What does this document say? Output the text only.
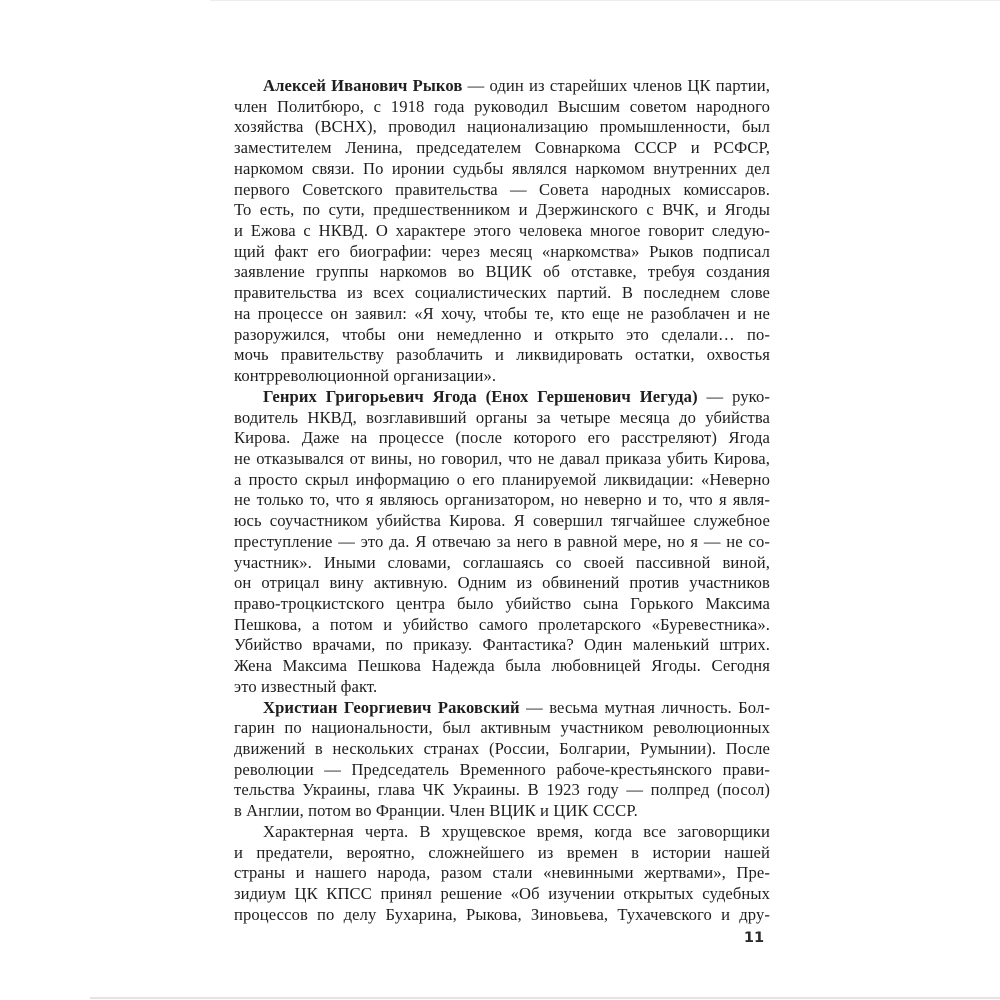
Алексей Иванович Рыков — один из старейших членов ЦК партии,
член Политбюро, с 1918 года руководил Высшим советом народного
хозяйства (ВСНХ), проводил национализацию промышленности, был
заместителем Ленина, председателем Совнаркома СССР и РСФСР,
наркомом связи. По иронии судьбы являлся наркомом внутренних дел
первого Советского правительства — Совета народных комиссаров.
То есть, по сути, предшественником и Дзержинского с ВЧК, и Ягоды
и Ежова с НКВД. О характере этого человека многое говорит следую-
щий факт его биографии: через месяц «наркомства» Рыков подписал
заявление группы наркомов во ВЦИК об отставке, требуя создания
правительства из всех социалистических партий. В последнем слове
на процессе он заявил: «Я хочу, чтобы те, кто еще не разоблачен и не
разоружился, чтобы они немедленно и открыто это сделали… по-
мочь правительству разоблачить и ликвидировать остатки, охвостья
контрреволюционной организации».
Генрих Григорьевич Ягода (Енох Гершенович Иегуда) — руко-
водитель НКВД, возглавивший органы за четыре месяца до убийства
Кирова. Даже на процессе (после которого его расстреляют) Ягода
не отказывался от вины, но говорил, что не давал приказа убить Кирова,
а просто скрыл информацию о его планируемой ликвидации: «Неверно
не только то, что я являюсь организатором, но неверно и то, что я явля-
юсь соучастником убийства Кирова. Я совершил тягчайшее служебное
преступление — это да. Я отвечаю за него в равной мере, но я — не со-
участник». Иными словами, соглашаясь со своей пассивной виной,
он отрицал вину активную. Одним из обвинений против участников
право-троцкистского центра было убийство сына Горького Максима
Пешкова, а потом и убийство самого пролетарского «Буревестника».
Убийство врачами, по приказу. Фантастика? Один маленький штрих.
Жена Максима Пешкова Надежда была любовницей Ягоды. Сегодня
это известный факт.
Христиан Георгиевич Раковский — весьма мутная личность. Бол-
гарин по национальности, был активным участником революционных
движений в нескольких странах (России, Болгарии, Румынии). После
революции — Председатель Временного рабоче-крестьянского прави-
тельства Украины, глава ЧК Украины. В 1923 году — полпред (посол)
в Англии, потом во Франции. Член ВЦИК и ЦИК СССР.
Характерная черта. В хрущевское время, когда все заговорщики
и предатели, вероятно, сложнейшего из времен в истории нашей
страны и нашего народа, разом стали «невинными жертвами», Пре-
зидиум ЦК КПСС принял решение «Об изучении открытых судебных
процессов по делу Бухарина, Рыкова, Зиновьева, Тухачевского и дру-
11
